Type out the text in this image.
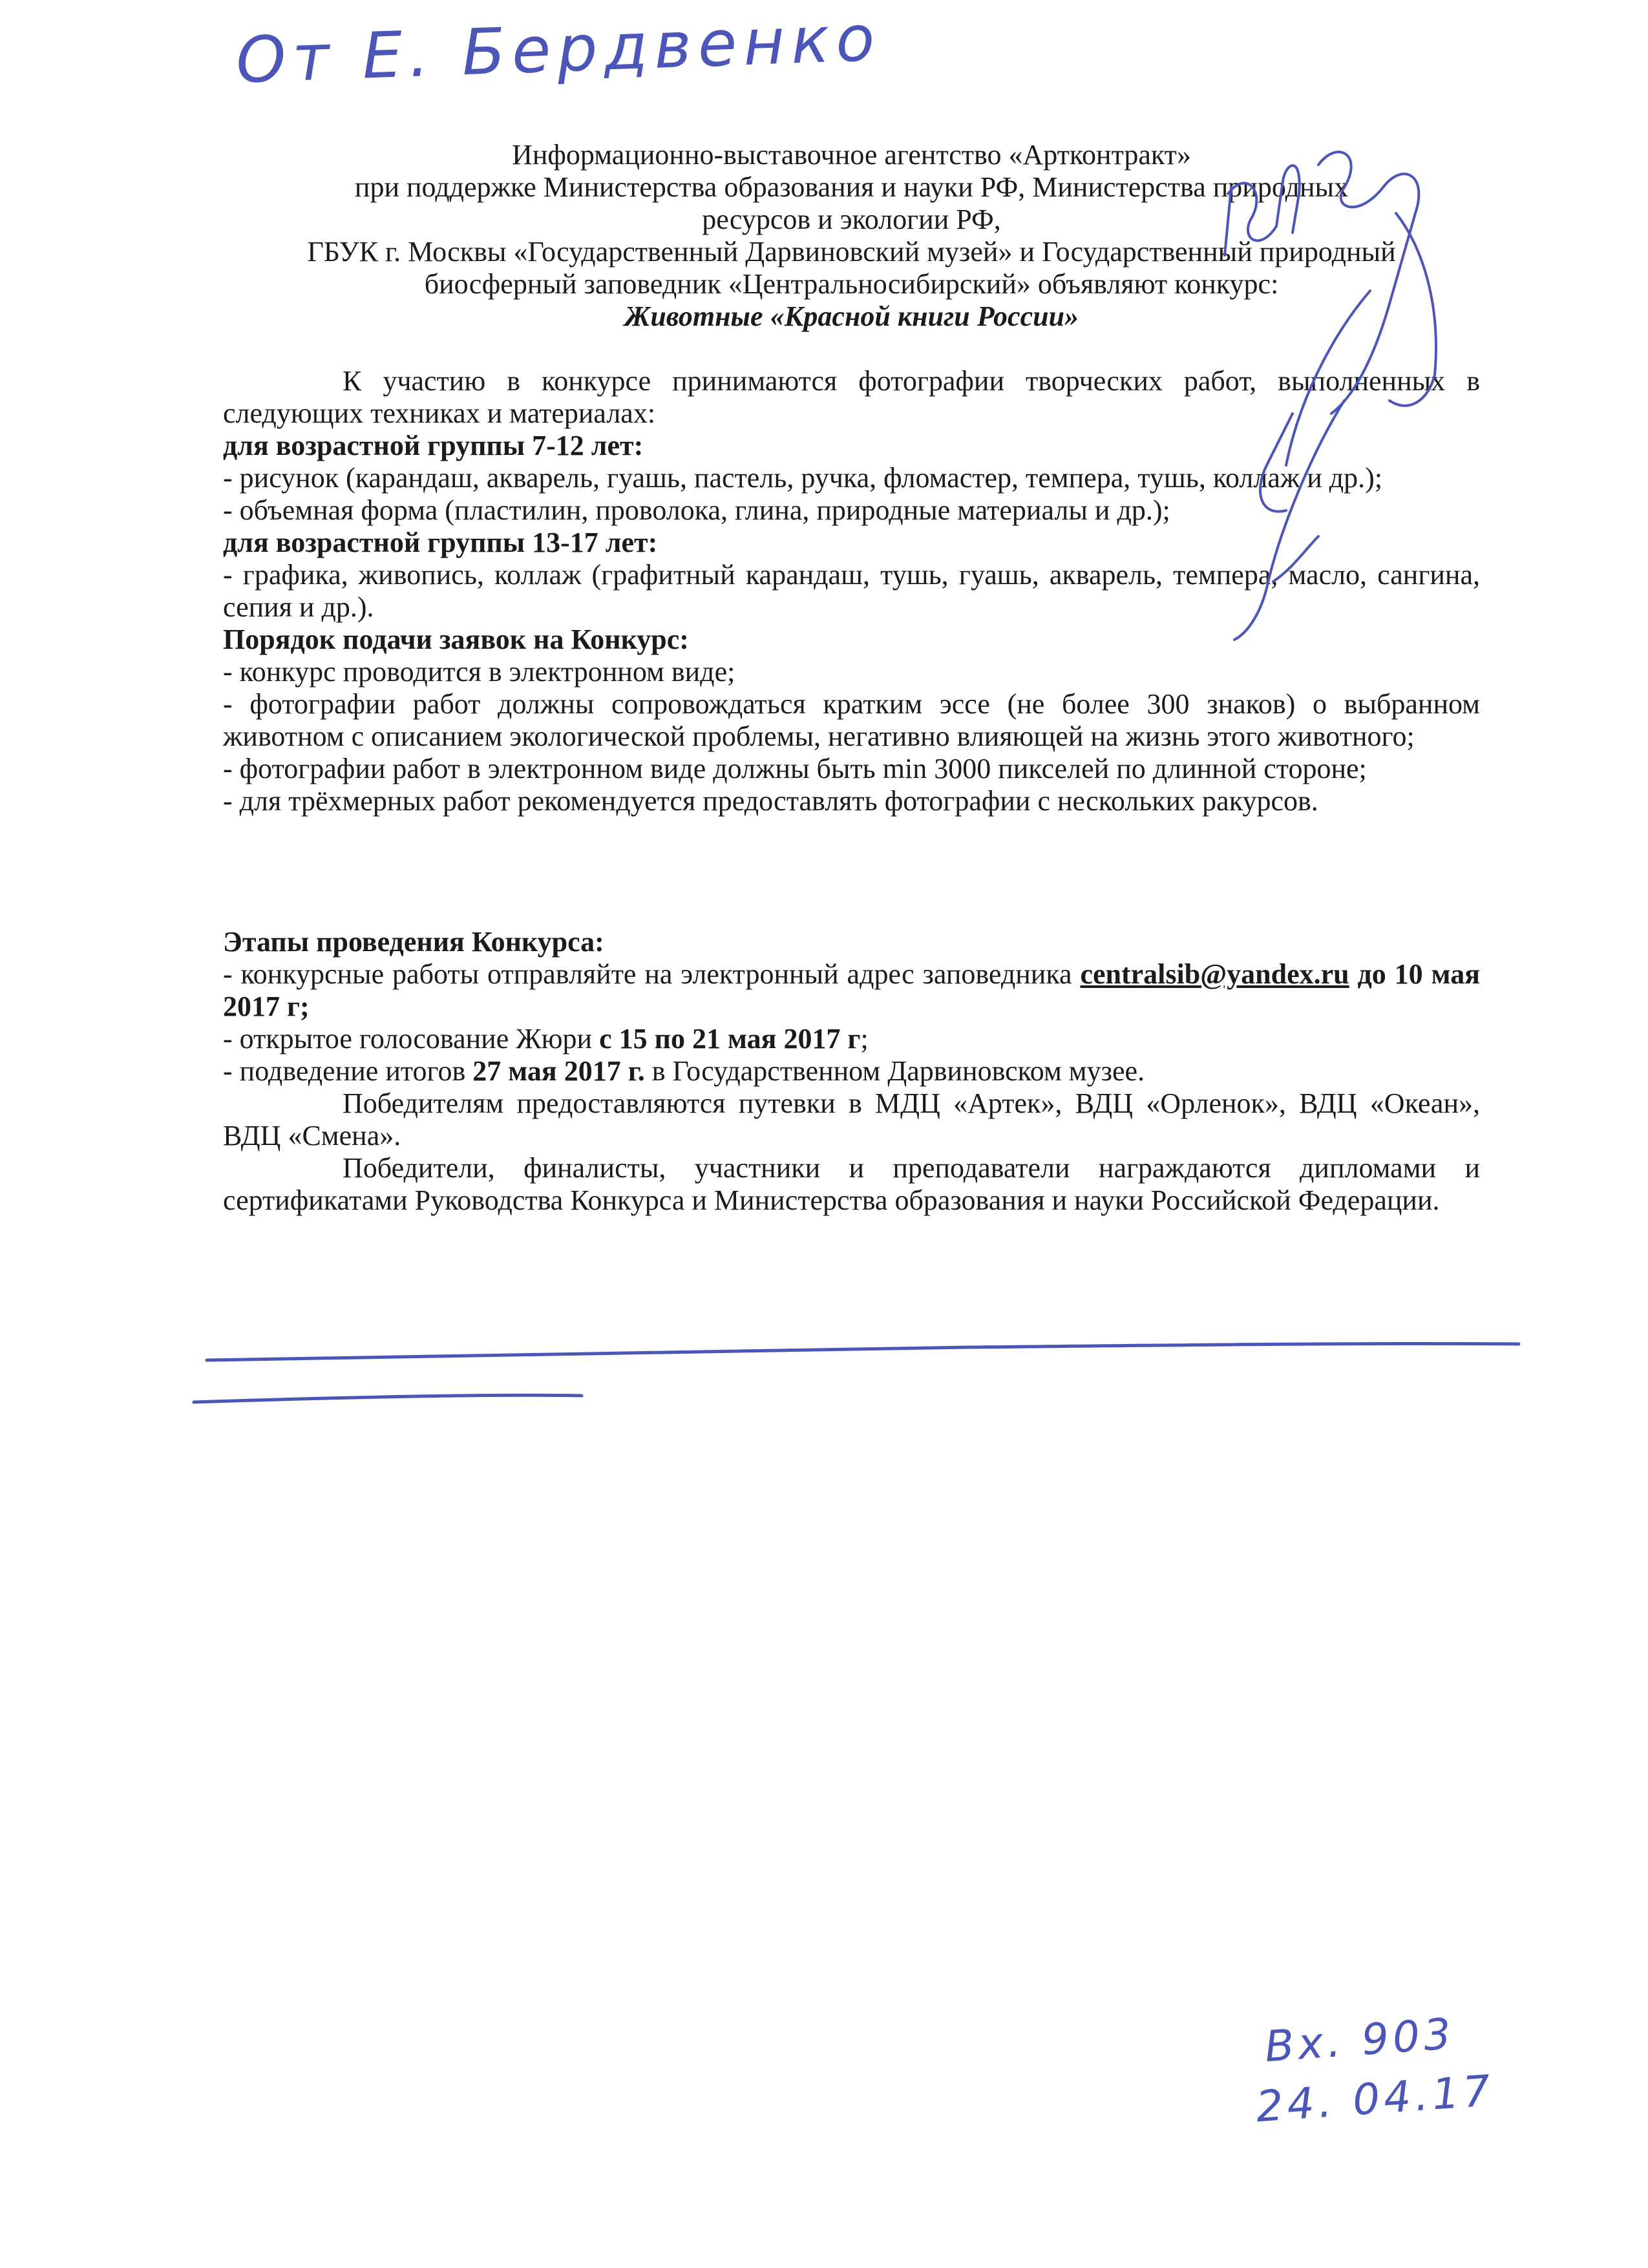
От Е. Бердвенко

Информационно-выставочное агентство «Артконтракт»

при поддержке Министерства образования и науки РФ, Министерства природных

ресурсов и экологии РФ,

ГБУК г. Москвы «Государственный Дарвиновский музей» и Государственный природный

биосферный заповедник «Центральносибирский» объявляют конкурс:

Животные «Красной книги России»

К участию в конкурсе принимаются фотографии творческих работ, выполненных в следующих техниках и материалах:

для возрастной группы 7-12 лет:

- рисунок (карандаш, акварель, гуашь, пастель, ручка, фломастер, темпера, тушь, коллаж и др.);

- объемная форма (пластилин, проволока, глина, природные материалы и др.);

для возрастной группы 13-17 лет:

- графика, живопись, коллаж (графитный карандаш, тушь, гуашь, акварель, темпера, масло, сангина, сепия и др.).

Порядок подачи заявок на Конкурс:

- конкурс проводится в электронном виде;

- фотографии работ должны сопровождаться кратким эссе (не более 300 знаков) о выбранном животном с описанием экологической проблемы, негативно влияющей на жизнь этого животного;

- фотографии работ в электронном виде должны быть min 3000 пикселей по длинной стороне;

- для трёхмерных работ рекомендуется предоставлять фотографии с нескольких ракурсов.

Этапы проведения Конкурса:

- конкурсные работы отправляйте на электронный адрес заповедника centralsib@yandex.ru до 10 мая 2017 г;

- открытое голосование Жюри с 15 по 21 мая 2017 г;

- подведение итогов 27 мая 2017 г. в Государственном Дарвиновском музее.

Победителям предоставляются путевки в МДЦ «Артек», ВДЦ «Орленок», ВДЦ «Океан», ВДЦ «Смена».

Победители, финалисты, участники и преподаватели награждаются дипломами и сертификатами Руководства Конкурса и Министерства образования и науки Российской Федерации.

Вх. 903
24. 04.17
